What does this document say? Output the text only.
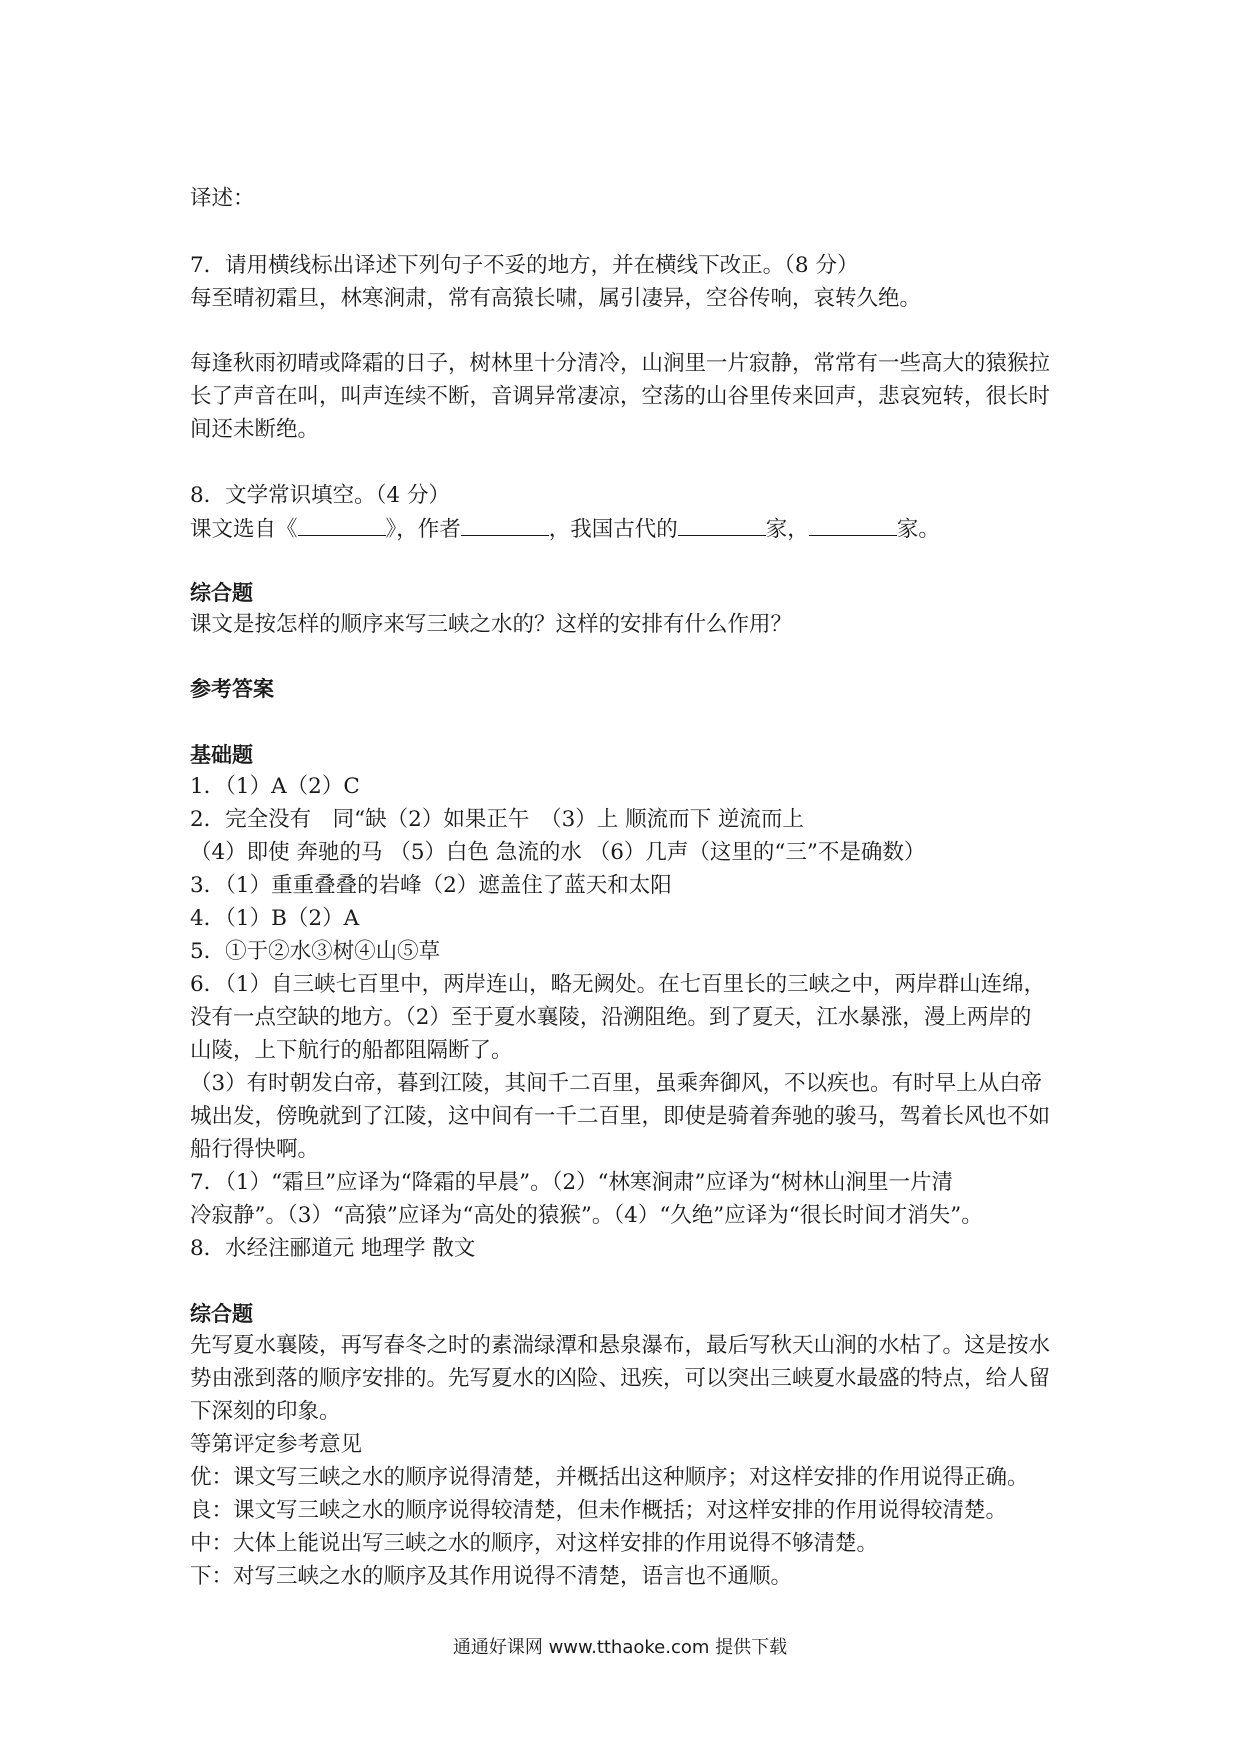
译述：
7．请用横线标出译述下列句子不妥的地方，并在横线下改正。（8 分）
每至晴初霜旦，林寒涧肃，常有高猿长啸，属引凄异，空谷传响，哀转久绝。
每逢秋雨初晴或降霜的日子，树林里十分清冷，山涧里一片寂静，常常有一些高大的猿猴拉
长了声音在叫，叫声连续不断，音调异常凄凉，空荡的山谷里传来回声，悲哀宛转，很长时
间还未断绝。
8．文学常识填空。（4 分）
课文选自《	》，作者	，我国古代的	家，	家。
综合题
课文是按怎样的顺序来写三峡之水的？这样的安排有什么作用？
参考答案
基础题
1．（1）A（2）C
2．完全没有　同“缺（2）如果正午　（3）上 顺流而下 逆流而上
（4）即使 奔驰的马 （5）白色 急流的水 （6）几声（这里的“三”不是确数）
3．（1）重重叠叠的岩峰（2）遮盖住了蓝天和太阳
4．（1）B（2）A
5．①于②水③树④山⑤草
6．（1）自三峡七百里中，两岸连山，略无阙处。在七百里长的三峡之中，两岸群山连绵，
没有一点空缺的地方。（2）至于夏水襄陵，沿溯阻绝。到了夏天，江水暴涨，漫上两岸的
山陵，上下航行的船都阻隔断了。
（3）有时朝发白帝，暮到江陵，其间千二百里，虽乘奔御风，不以疾也。有时早上从白帝
城出发，傍晚就到了江陵，这中间有一千二百里，即使是骑着奔驰的骏马，驾着长风也不如
船行得快啊。
7．（1）“霜旦”应译为“降霜的早晨”。（2）“林寒涧肃”应译为“树林山涧里一片清
冷寂静”。（3）“高猿”应译为“高处的猿猴”。（4）“久绝”应译为“很长时间才消失”。
8．水经注郦道元 地理学 散文
综合题
先写夏水襄陵，再写春冬之时的素湍绿潭和悬泉瀑布，最后写秋天山涧的水枯了。这是按水
势由涨到落的顺序安排的。先写夏水的凶险、迅疾，可以突出三峡夏水最盛的特点，给人留
下深刻的印象。
等第评定参考意见
优：课文写三峡之水的顺序说得清楚，并概括出这种顺序；对这样安排的作用说得正确。
良：课文写三峡之水的顺序说得较清楚，但未作概括；对这样安排的作用说得较清楚。
中：大体上能说出写三峡之水的顺序，对这样安排的作用说得不够清楚。
下：对写三峡之水的顺序及其作用说得不清楚，语言也不通顺。
通通好课网 www.tthaoke.com 提供下载
